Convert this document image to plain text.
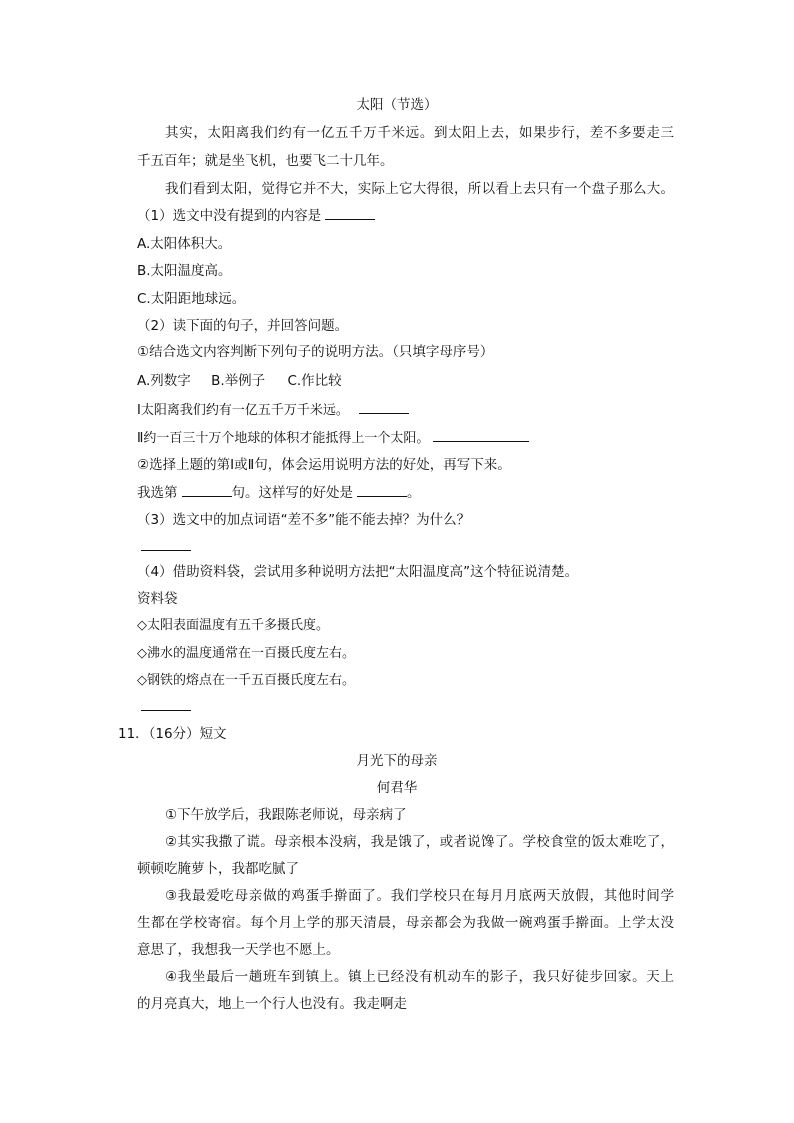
太阳（节选）
其实，太阳离我们约有一亿五千万千米远。到太阳上去，如果步行，差不多要走三
千五百年；就是坐飞机，也要飞二十几年。
我们看到太阳，觉得它并不大，实际上它大得很，所以看上去只有一个盘子那么大。
（1）选文中没有提到的内容是
A.太阳体积大。
B.太阳温度高。
C.太阳距地球远。
（2）读下面的句子，并回答问题。
①结合选文内容判断下列句子的说明方法。（只填字母序号）
A.列数字 B.举例子 C.作比较
Ⅰ太阳离我们约有一亿五千万千米远。
Ⅱ约一百三十万个地球的体积才能抵得上一个太阳。
②选择上题的第Ⅰ或Ⅱ句，体会运用说明方法的好处，再写下来。
我选第	句。这样写的好处是	。
（3）选文中的加点词语“差不多”能不能去掉？为什么？
（4）借助资料袋，尝试用多种说明方法把“太阳温度高”这个特征说清楚。
资料袋
◇太阳表面温度有五千多摄氏度。
◇沸水的温度通常在一百摄氏度左右。
◇钢铁的熔点在一千五百摄氏度左右。
11．（16分）短文
月光下的母亲
何君华
①下午放学后，我跟陈老师说，母亲病了
②其实我撒了谎。母亲根本没病，我是饿了，或者说馋了。学校食堂的饭太难吃了，
顿顿吃腌萝卜，我都吃腻了
③我最爱吃母亲做的鸡蛋手擀面了。我们学校只在每月月底两天放假，其他时间学
生都在学校寄宿。每个月上学的那天清晨，母亲都会为我做一碗鸡蛋手擀面。上学太没
意思了，我想我一天学也不愿上。
④我坐最后一趟班车到镇上。镇上已经没有机动车的影子，我只好徒步回家。天上
的月亮真大，地上一个行人也没有。我走啊走
